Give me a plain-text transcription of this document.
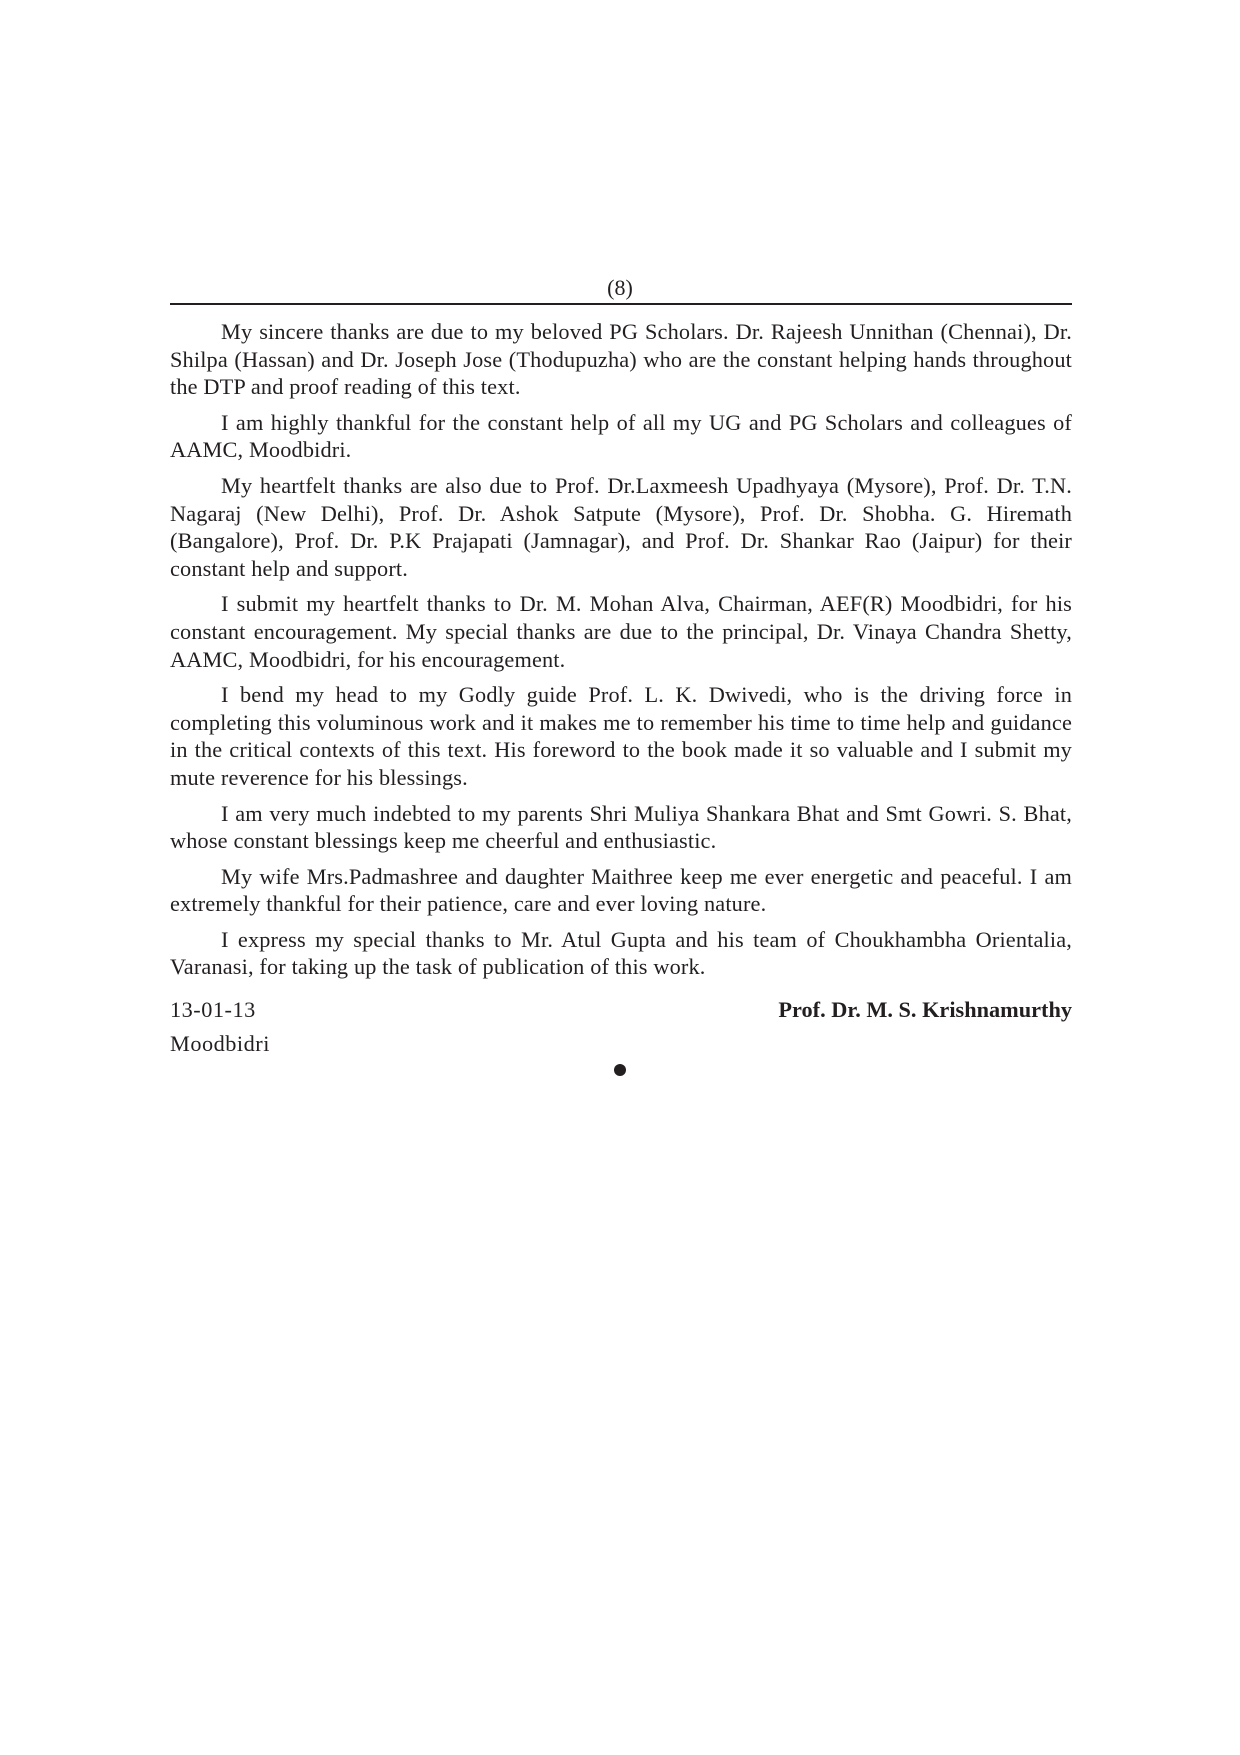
(8)

My sincere thanks are due to my beloved PG Scholars. Dr. Rajeesh Unnithan (Chennai), Dr. Shilpa (Hassan) and Dr. Joseph Jose (Thodupuzha) who are the constant helping hands throughout the DTP and proof reading of this text.

I am highly thankful for the constant help of all my UG and PG Scholars and colleagues of AAMC, Moodbidri.

My heartfelt thanks are also due to Prof. Dr.Laxmeesh Upadhyaya (Mysore), Prof. Dr. T.N. Nagaraj (New Delhi), Prof. Dr. Ashok Satpute (Mysore), Prof. Dr. Shobha. G. Hiremath (Bangalore), Prof. Dr. P.K Prajapati (Jamnagar), and Prof. Dr. Shankar Rao (Jaipur) for their constant help and support.

I submit my heartfelt thanks to Dr. M. Mohan Alva, Chairman, AEF(R) Moodbidri, for his constant encouragement. My special thanks are due to the principal, Dr. Vinaya Chandra Shetty, AAMC, Moodbidri, for his encouragement.

I bend my head to my Godly guide Prof. L. K. Dwivedi, who is the driving force in completing this voluminous work and it makes me to remember his time to time help and guidance in the critical contexts of this text. His foreword to the book made it so valuable and I submit my mute reverence for his blessings.

I am very much indebted to my parents Shri Muliya Shankara Bhat and Smt Gowri. S. Bhat, whose constant blessings keep me cheerful and enthusiastic.

My wife Mrs.Padmashree and daughter Maithree keep me ever energetic and peaceful. I am extremely thankful for their patience, care and ever loving nature.

I express my special thanks to Mr. Atul Gupta and his team of Choukhambha Orientalia, Varanasi, for taking up the task of publication of this work.

13-01-13	Prof. Dr. M. S. Krishnamurthy
Moodbidri
